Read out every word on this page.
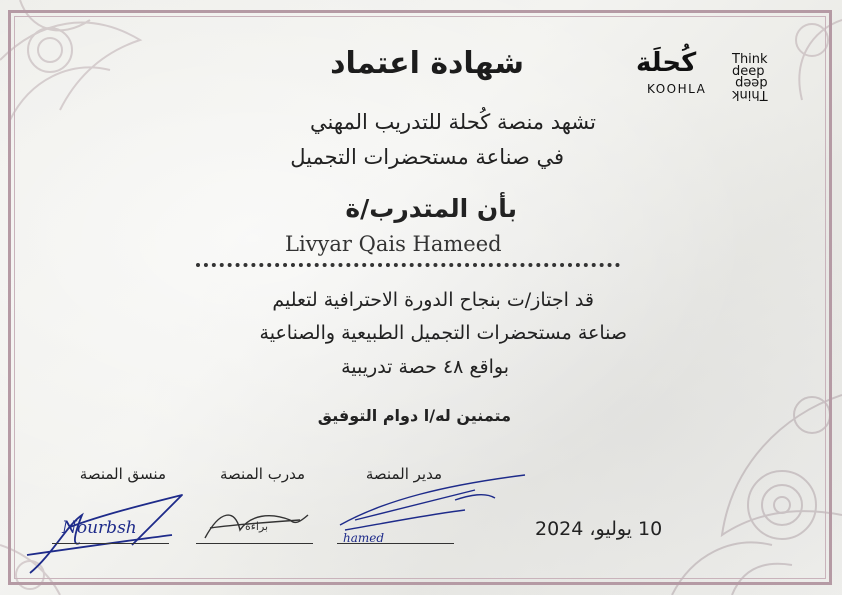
كُحلَة
KOOHLA
Think
deep
Think
deep
شهادة اعتماد
تشهد منصة كُحلة للتدريب المهني
في صناعة مستحضرات التجميل
بأن المتدرب/ة
Livyar Qais Hameed
قد اجتاز/ت بنجاح الدورة الاحترافية لتعليم
صناعة مستحضرات التجميل الطبيعية والصناعية
بواقع ٤٨ حصة تدريبية
متمنين له/ا دوام التوفيق
منسق المنصة	مدرب المنصة	مدير المنصة
Nourbsh	براءة
hamed	10 يوليو، 2024
